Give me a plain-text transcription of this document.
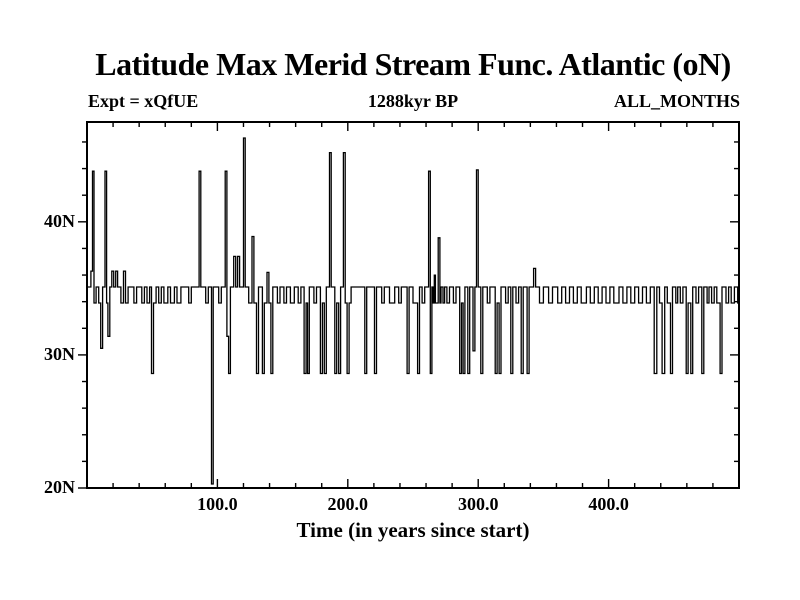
Latitude Max Merid Stream Func. Atlantic (oN)
Expt = xQfUE	1288kyr BP	ALL_MONTHS
100.0	200.0	300.0	400.0
20N
30N
40N
Time (in years since start)
